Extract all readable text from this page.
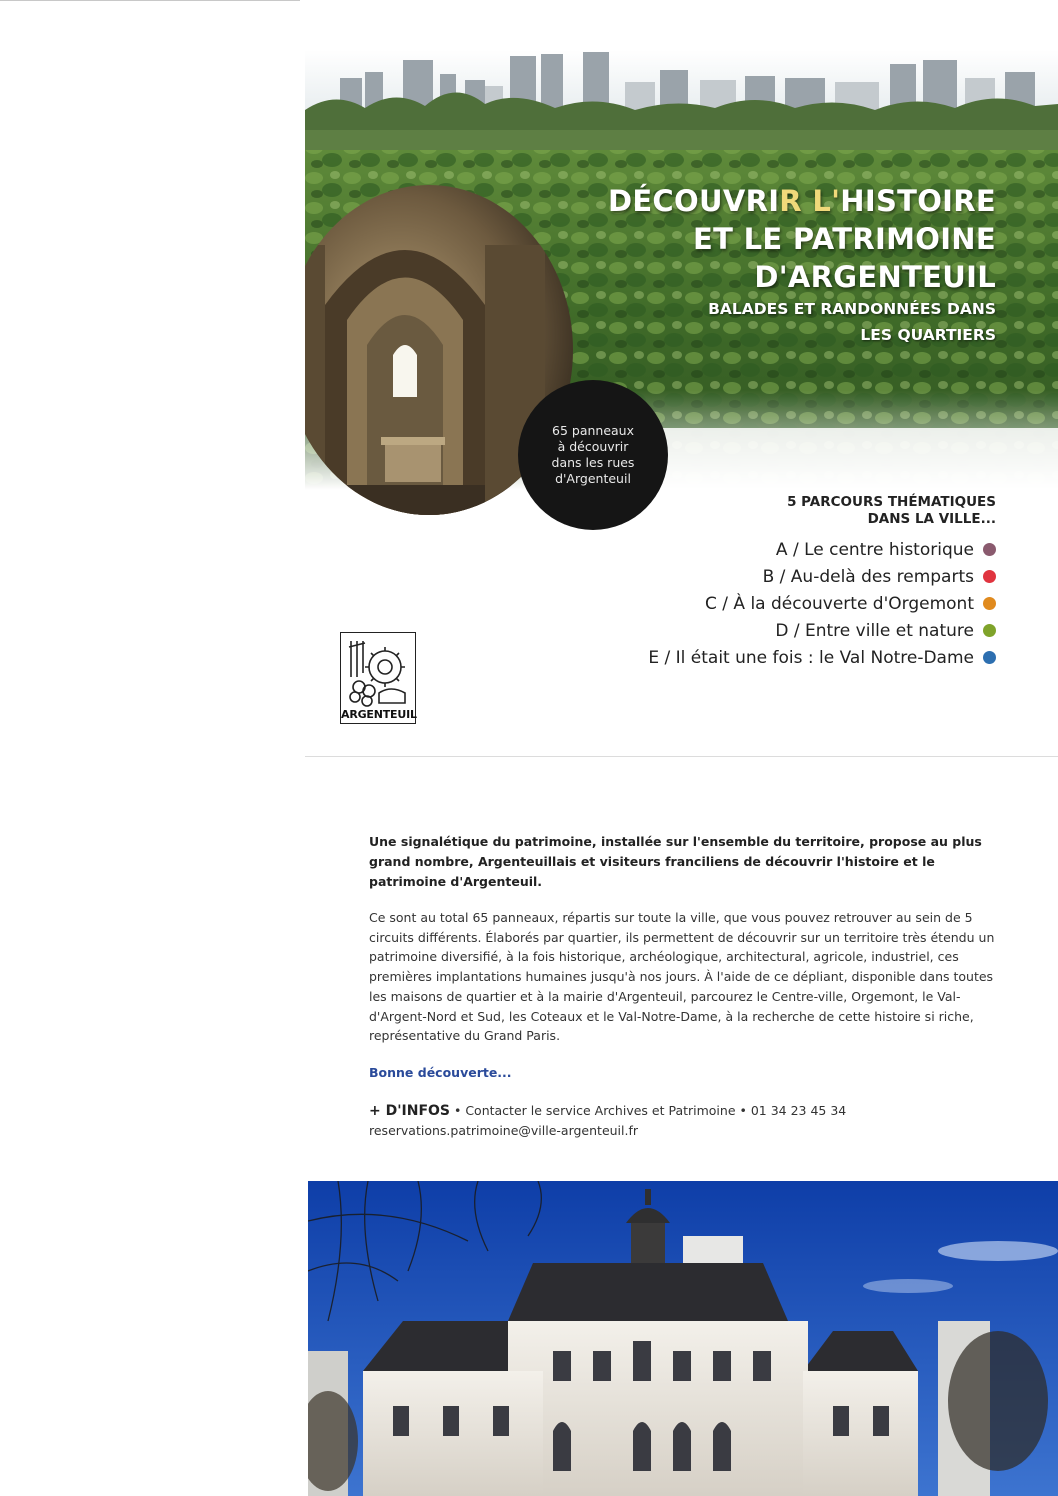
DÉCOUVRIR L'HISTOIRE
ET LE PATRIMOINE
D'ARGENTEUIL
BALADES ET RANDONNÉES DANS
LES QUARTIERS
65 panneaux
à découvrir
dans les rues
d'Argenteuil
5 PARCOURS THÉMATIQUES
DANS LA VILLE...
A / Le centre historique
B / Au-delà des remparts
C / À la découverte d'Orgemont
D / Entre ville et nature
E / Il était une fois : le Val Notre-Dame
ARGENTEUIL

Une signalétique du patrimoine, installée sur l'ensemble du territoire, propose au plus grand nombre, Argenteuillais et visiteurs franciliens de découvrir l'histoire et le patrimoine d'Argenteuil.

Ce sont au total 65 panneaux, répartis sur toute la ville, que vous pouvez retrouver au sein de 5 circuits différents. Élaborés par quartier, ils permettent de découvrir sur un territoire très étendu un patrimoine diversifié, à la fois historique, archéologique, architectural, agricole, industriel, ces premières implantations humaines jusqu'à nos jours. À l'aide de ce dépliant, disponible dans toutes les maisons de quartier et à la mairie d'Argenteuil, parcourez le Centre-ville, Orgemont, le Val-d'Argent-Nord et Sud, les Coteaux et le Val-Notre-Dame, à la recherche de cette histoire si riche, représentative du Grand Paris.

Bonne découverte...
+ D'INFOS • Contacter le service Archives et Patrimoine • 01 34 23 45 34
reservations.patrimoine@ville-argenteuil.fr
